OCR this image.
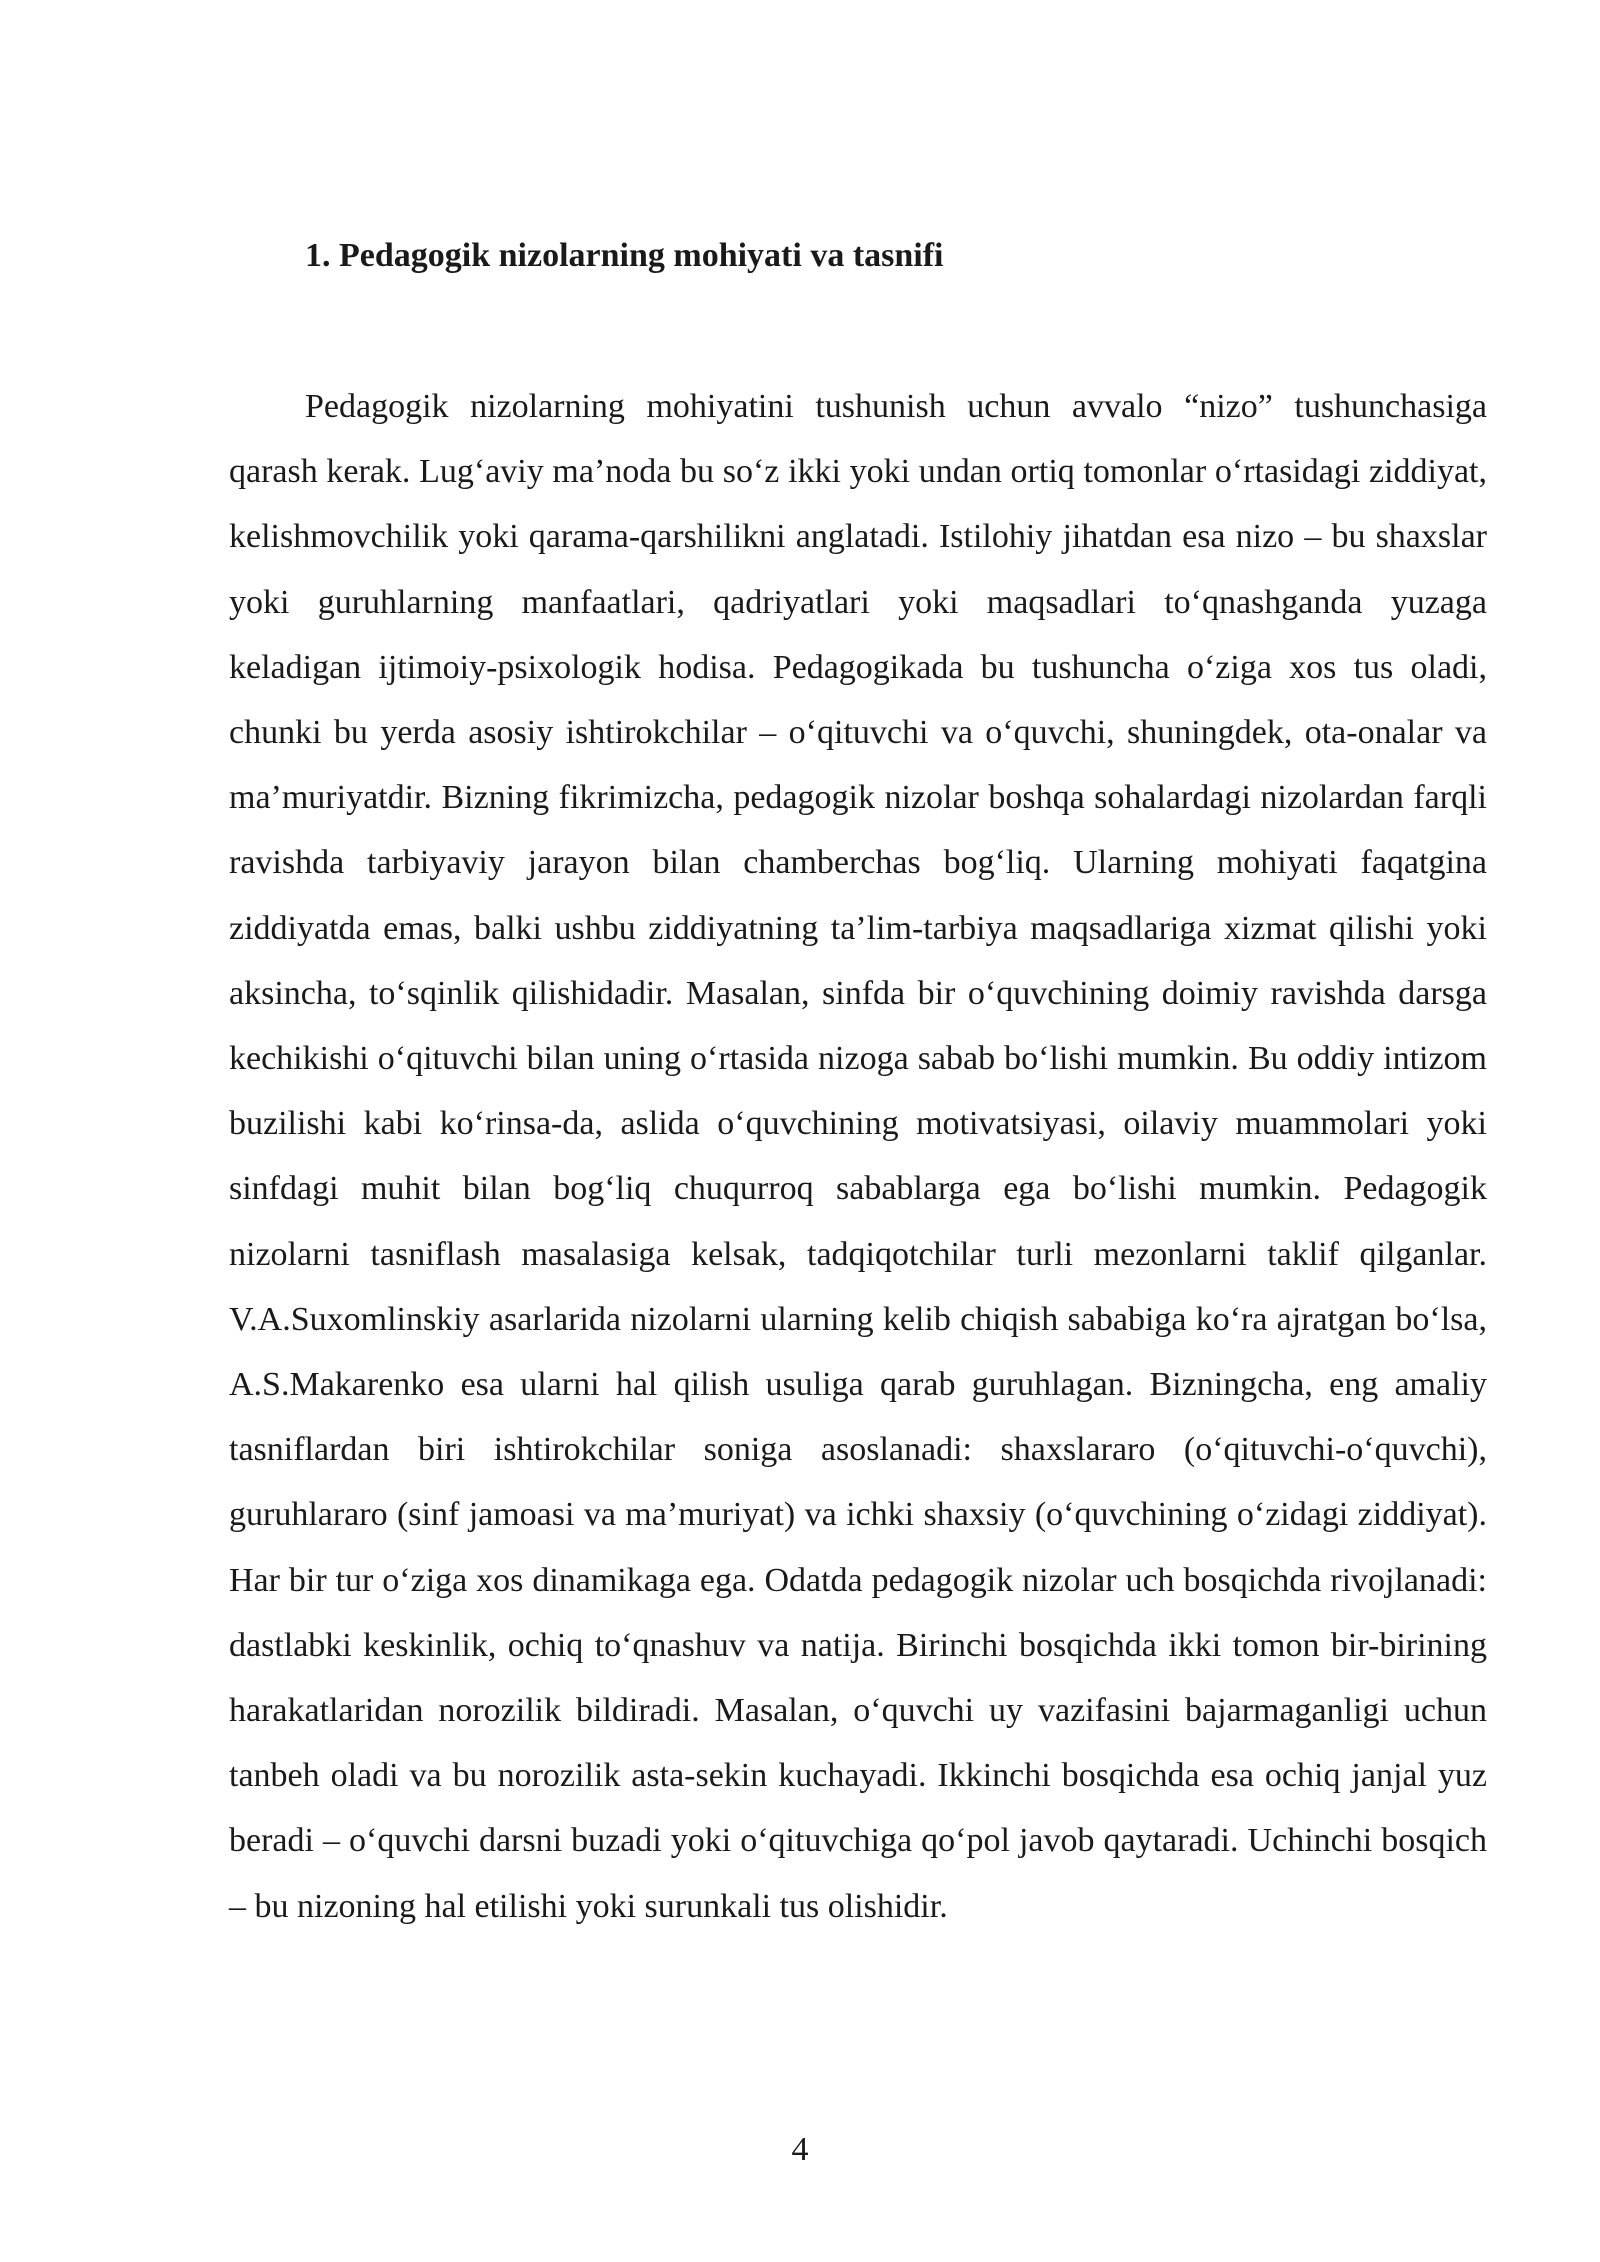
1. Pedagogik nizolarning mohiyati va tasnifi

Pedagogik nizolarning mohiyatini tushunish uchun avvalo “nizo” tushunchasiga qarash kerak. Lug‘aviy ma’noda bu so‘z ikki yoki undan ortiq tomonlar o‘rtasidagi ziddiyat, kelishmovchilik yoki qarama-qarshilikni anglatadi. Istilohiy jihatdan esa nizo – bu shaxslar yoki guruhlarning manfaatlari, qadriyatlari yoki maqsadlari to‘qnashganda yuzaga keladigan ijtimoiy-psixologik hodisa. Pedagogikada bu tushuncha o‘ziga xos tus oladi, chunki bu yerda asosiy ishtirokchilar – o‘qituvchi va o‘quvchi, shuningdek, ota-onalar va ma’muriyatdir. Bizning fikrimizcha, pedagogik nizolar boshqa sohalardagi nizolardan farqli ravishda tarbiyaviy jarayon bilan chamberchas bog‘liq. Ularning mohiyati faqatgina ziddiyatda emas, balki ushbu ziddiyatning ta’lim-tarbiya maqsadlariga xizmat qilishi yoki aksincha, to‘sqinlik qilishidadir. Masalan, sinfda bir o‘quvchining doimiy ravishda darsga kechikishi o‘qituvchi bilan uning o‘rtasida nizoga sabab bo‘lishi mumkin. Bu oddiy intizom buzilishi kabi ko‘rinsa-da, aslida o‘quvchining motivatsiyasi, oilaviy muammolari yoki sinfdagi muhit bilan bog‘liq chuqurroq sabablarga ega bo‘lishi mumkin. Pedagogik nizolarni tasniflash masalasiga kelsak, tadqiqotchilar turli mezonlarni taklif qilganlar. V.A.Suxomlinskiy asarlarida nizolarni ularning kelib chiqish sababiga ko‘ra ajratgan bo‘lsa, A.S.Makarenko esa ularni hal qilish usuliga qarab guruhlagan. Bizningcha, eng amaliy tasniflardan biri ishtirokchilar soniga asoslanadi: shaxslararo (o‘qituvchi-o‘quvchi), guruhlararo (sinf jamoasi va ma’muriyat) va ichki shaxsiy (o‘quvchining o‘zidagi ziddiyat). Har bir tur o‘ziga xos dinamikaga ega. Odatda pedagogik nizolar uch bosqichda rivojlanadi: dastlabki keskinlik, ochiq to‘qnashuv va natija. Birinchi bosqichda ikki tomon bir-birining harakatlaridan norozilik bildiradi. Masalan, o‘quvchi uy vazifasini bajarmaganligi uchun tanbeh oladi va bu norozilik asta-sekin kuchayadi. Ikkinchi bosqichda esa ochiq janjal yuz beradi – o‘quvchi darsni buzadi yoki o‘qituvchiga qo‘pol javob qaytaradi. Uchinchi bosqich – bu nizoning hal etilishi yoki surunkali tus olishidir.

4
